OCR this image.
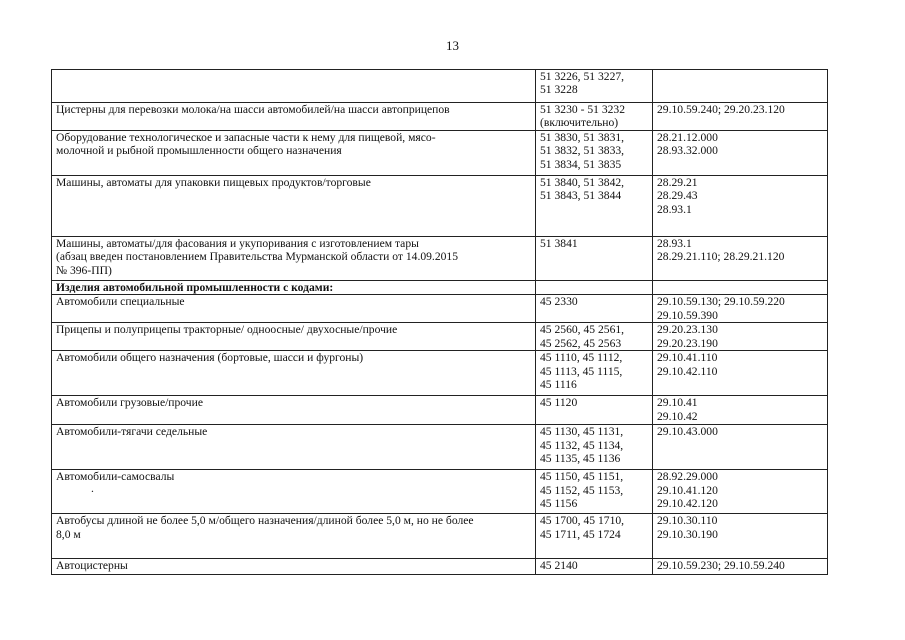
13

	51 3226, 51 3227,
51 3228	

Цистерны для перевозки молока/на шасси автомобилей/на шасси автоприцепов	51 3230 - 51 3232
(включительно)	29.10.59.240; 29.20.23.120

Оборудование технологическое и запасные части к нему для пищевой, мясо-
молочной и рыбной промышленности общего назначения	51 3830, 51 3831,
51 3832, 51 3833,
51 3834, 51 3835	28.21.12.000
28.93.32.000

Машины, автоматы для упаковки пищевых продуктов/торговые	51 3840, 51 3842,
51 3843, 51 3844	28.29.21
28.29.43
28.93.1

Машины, автоматы/для фасования и укупоривания с изготовлением тары
(абзац введен постановлением Правительства Мурманской области от 14.09.2015
№ 396-ПП)	51 3841	28.93.1
28.29.21.110; 28.29.21.120

Изделия автомобильной промышленности с кодами:		

Автомобили специальные	45 2330	29.10.59.130; 29.10.59.220
29.10.59.390

Прицепы и полуприцепы тракторные/ одноосные/ двухосные/прочие	45 2560, 45 2561,
45 2562, 45 2563	29.20.23.130
29.20.23.190

Автомобили общего назначения (бортовые, шасси и фургоны)	45 1110, 45 1112,
45 1113, 45 1115,
45 1116	29.10.41.110
29.10.42.110

Автомобили грузовые/прочие	45 1120	29.10.41
29.10.42

Автомобили-тягачи седельные	45 1130, 45 1131,
45 1132, 45 1134,
45 1135, 45 1136	29.10.43.000

Автомобили-самосвалы
.	45 1150, 45 1151,
45 1152, 45 1153,
45 1156	28.92.29.000
29.10.41.120
29.10.42.120

Автобусы длиной не более 5,0 м/общего назначения/длиной более 5,0 м, но не более
8,0 м	45 1700, 45 1710,
45 1711, 45 1724	29.10.30.110
29.10.30.190

Автоцистерны	45 2140	29.10.59.230; 29.10.59.240
